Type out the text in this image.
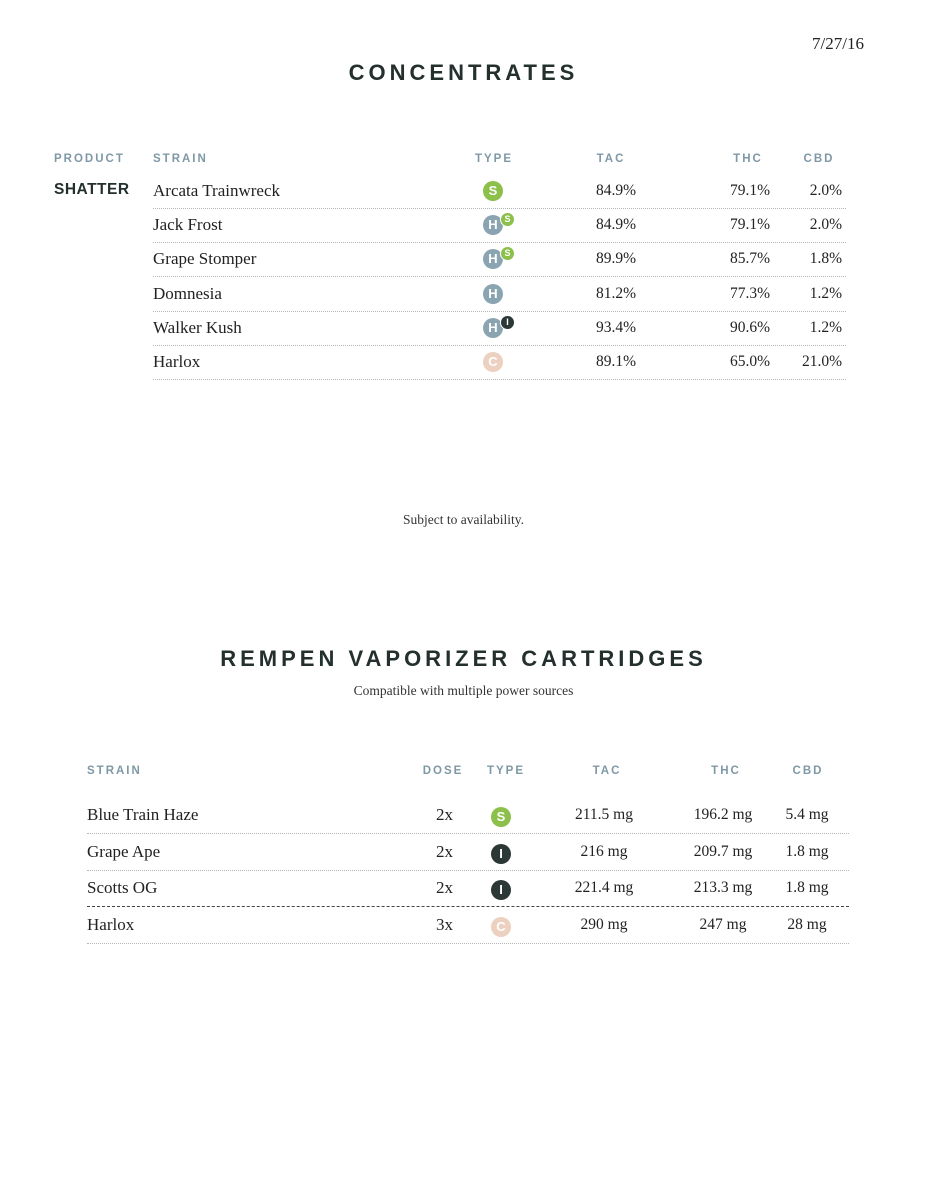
7/27/16
CONCENTRATES
PRODUCT STRAIN	TYPE	TAC	THC	CBD
SHATTER Arcata Trainwreck	S	84.9%	79.1%	2.0%
Jack Frost	H S	84.9%	79.1%	2.0%
Grape Stomper	H S	89.9%	85.7%	1.8%
Domnesia	H	81.2%	77.3%	1.2%
Walker Kush	H I	93.4%	90.6%	1.2%
Harlox	C	89.1%	65.0%	21.0%
Subject to availability.
REMPEN VAPORIZER CARTRIDGES
Compatible with multiple power sources
STRAIN	DOSE	TYPE	TAC	THC	CBD
Blue Train Haze	2x	S	211.5 mg	196.2 mg	5.4 mg
Grape Ape	2x	I	216 mg	209.7 mg	1.8 mg
Scotts OG	2x	I	221.4 mg	213.3 mg	1.8 mg
Harlox	3x	C	290 mg	247 mg	28 mg
